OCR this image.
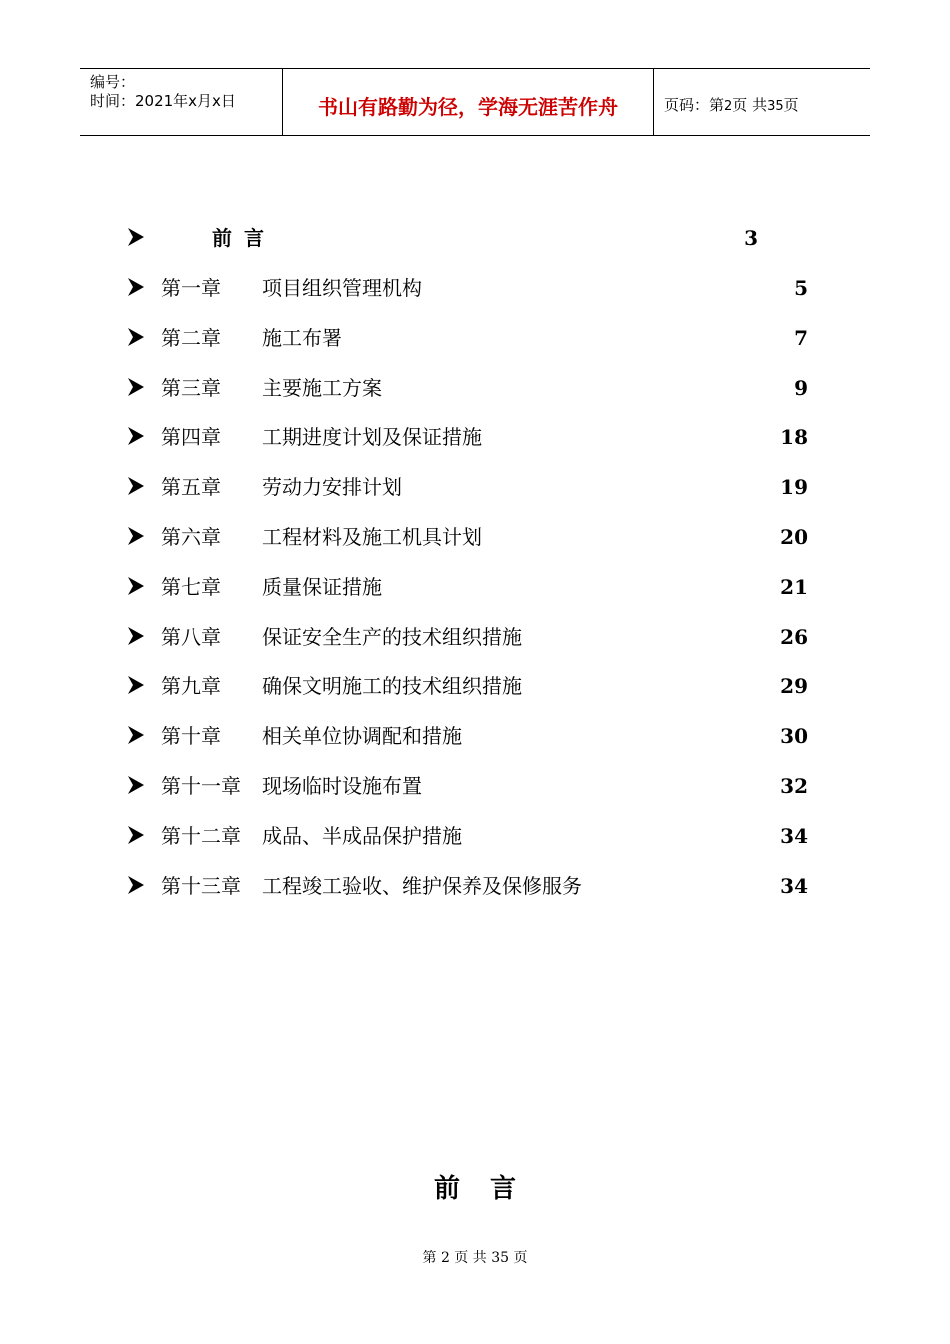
编号：
时间：2021年x月x日	书山有路勤为径，学海无涯苦作舟	页码：第2页 共35页
前言	3
第一章 项目组织管理机构	5
第二章 施工布署	7
第三章 主要施工方案	9
第四章 工期进度计划及保证措施	18
第五章 劳动力安排计划	19
第六章 工程材料及施工机具计划	20
第七章 质量保证措施	21
第八章 保证安全生产的技术组织措施	26
第九章 确保文明施工的技术组织措施	29
第十章 相关单位协调配和措施	30
第十一章 现场临时设施布置	32
第十二章 成品、半成品保护措施	34
第十三章 工程竣工验收、维护保养及保修服务	34
前言
第 2 页 共 35 页
